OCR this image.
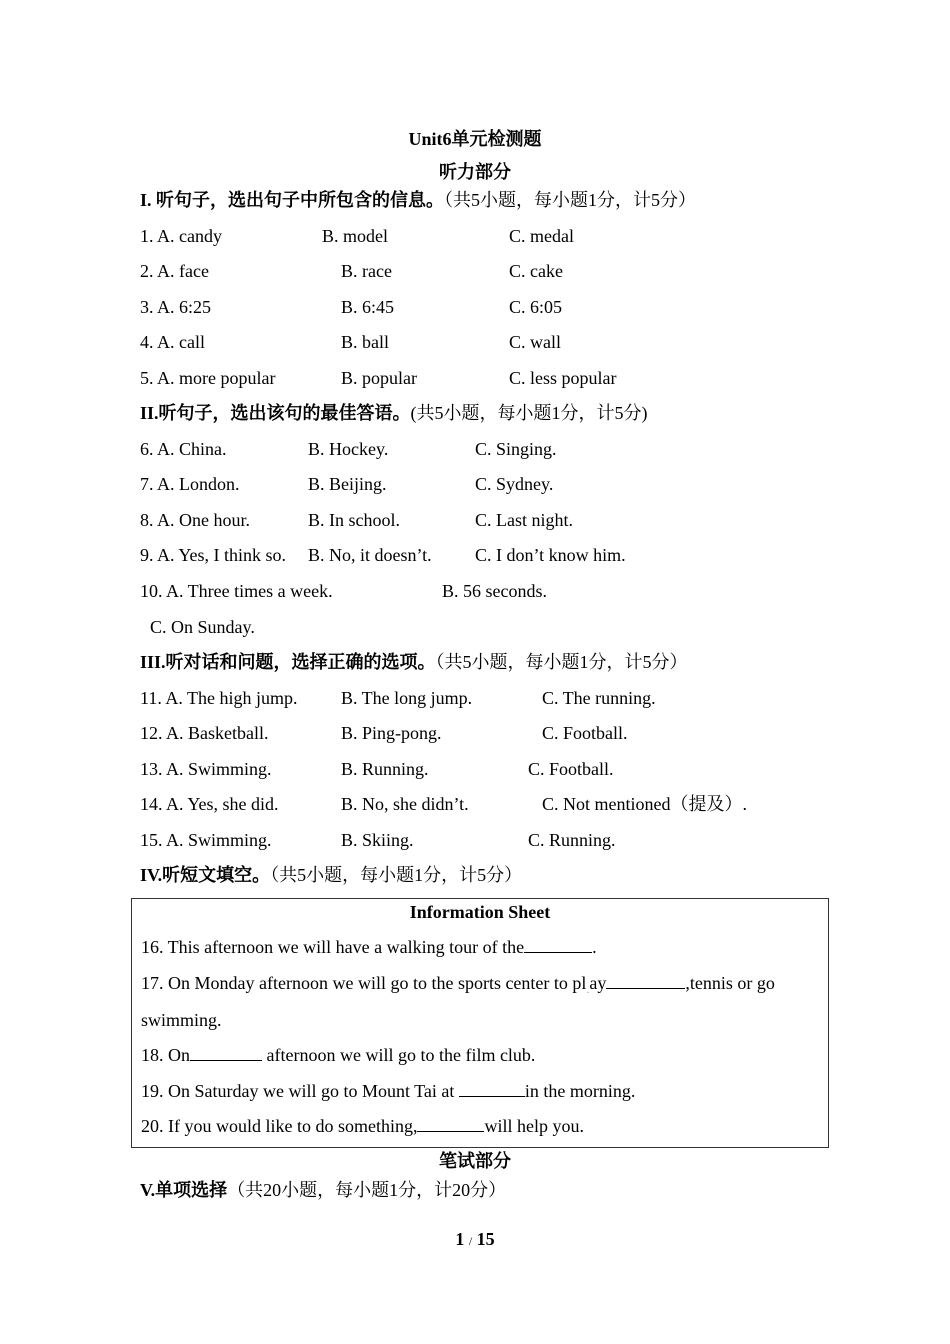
Unit6单元检测题
听力部分
I. 听句子，选出句子中所包含的信息。（共5小题，每小题1分，计5分）
1. A. candy	B. model	C. medal
2. A. face	B. race	C. cake
3. A. 6:25	B. 6:45	C. 6:05
4. A. call	B. ball	C. wall
5. A. more popular	B. popular	C. less popular
II.听句子，选出该句的最佳答语。(共5小题，每小题1分，计5分)
6. A. China.	B. Hockey.	C. Singing.
7. A. London.	B. Beijing.	C. Sydney.
8. A. One hour.	B. In school.	C. Last night.
9. A. Yes, I think so. B. No, it doesn’t. C. I don’t know him.
10. A. Three times a week.	B. 56 seconds.
C. On Sunday.
III.听对话和问题，选择正确的选项。（共5小题，每小题1分，计5分）
11. A. The high jump. B. The long jump.	C. The running.
12. A. Basketball.	B. Ping-pong.	C. Football.
13. A. Swimming.	B. Running.	C. Football.
14. A. Yes, she did.	B. No, she didn’t.	C. Not mentioned（提及）.
15. A. Swimming.	B. Skiing.	C. Running.
IV.听短文填空。（共5小题，每小题1分，计5分）
Information Sheet
16. This afternoon we will have a walking tour of the	.
17. On Monday afternoon we will go to the sports center to $pl_.ay$	,tennis or go
swimming.
18. On	afternoon we will go to the film club.
19. On Saturday we will go to Mount Tai at	in the morning.
20. If you would like to do something,	will help you.
笔试部分
V.单项选择（共20小题，每小题1分，计20分）
1 / 15
